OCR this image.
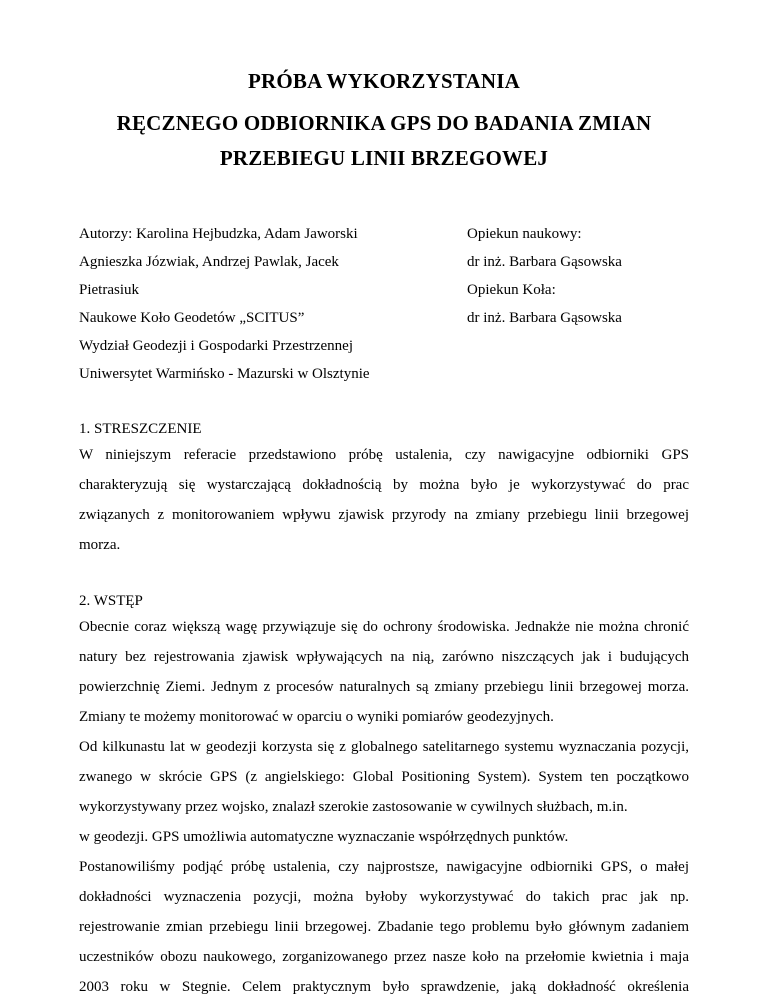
PRÓBA WYKORZYSTANIA
RĘCZNEGO ODBIORNIKA GPS DO BADANIA ZMIAN
PRZEBIEGU LINII BRZEGOWEJ
Autorzy: Karolina Hejbudzka, Adam Jaworski
Agnieszka Józwiak, Andrzej Pawlak, Jacek
Pietrasiuk
Naukowe Koło Geodetów „SCITUS”
Wydział Geodezji i Gospodarki Przestrzennej
Uniwersytet Warmińsko - Mazurski w Olsztynie
Opiekun naukowy:
dr inż. Barbara Gąsowska
Opiekun Koła:
dr inż. Barbara Gąsowska
1. STRESZCZENIE
W niniejszym referacie przedstawiono próbę ustalenia, czy nawigacyjne odbiorniki GPS
charakteryzują się wystarczającą dokładnością by można było je wykorzystywać do prac
związanych z monitorowaniem wpływu zjawisk przyrody na zmiany przebiegu linii brzegowej
morza.
2. WSTĘP
Obecnie coraz większą wagę przywiązuje się do ochrony środowiska. Jednakże nie można chronić
natury bez rejestrowania zjawisk wpływających na nią, zarówno niszczących jak i budujących
powierzchnię Ziemi. Jednym z procesów naturalnych są zmiany przebiegu linii brzegowej morza.
Zmiany te możemy monitorować w oparciu o wyniki pomiarów geodezyjnych.
Od kilkunastu lat w geodezji korzysta się z globalnego satelitarnego systemu wyznaczania pozycji,
zwanego w skrócie GPS (z angielskiego: Global Positioning System). System ten początkowo
wykorzystywany przez wojsko, znalazł szerokie zastosowanie w cywilnych służbach, m.in.
w geodezji. GPS umożliwia automatyczne wyznaczanie współrzędnych punktów.
Postanowiliśmy podjąć próbę ustalenia, czy najprostsze, nawigacyjne odbiorniki GPS, o małej
dokładności wyznaczenia pozycji, można byłoby wykorzystywać do takich prac jak np.
rejestrowanie zmian przebiegu linii brzegowej. Zbadanie tego problemu było głównym zadaniem
uczestników obozu naukowego, zorganizowanego przez nasze koło na przełomie kwietnia i maja
2003 roku w Stegnie. Celem praktycznym było sprawdzenie, jaką dokładność określenia
